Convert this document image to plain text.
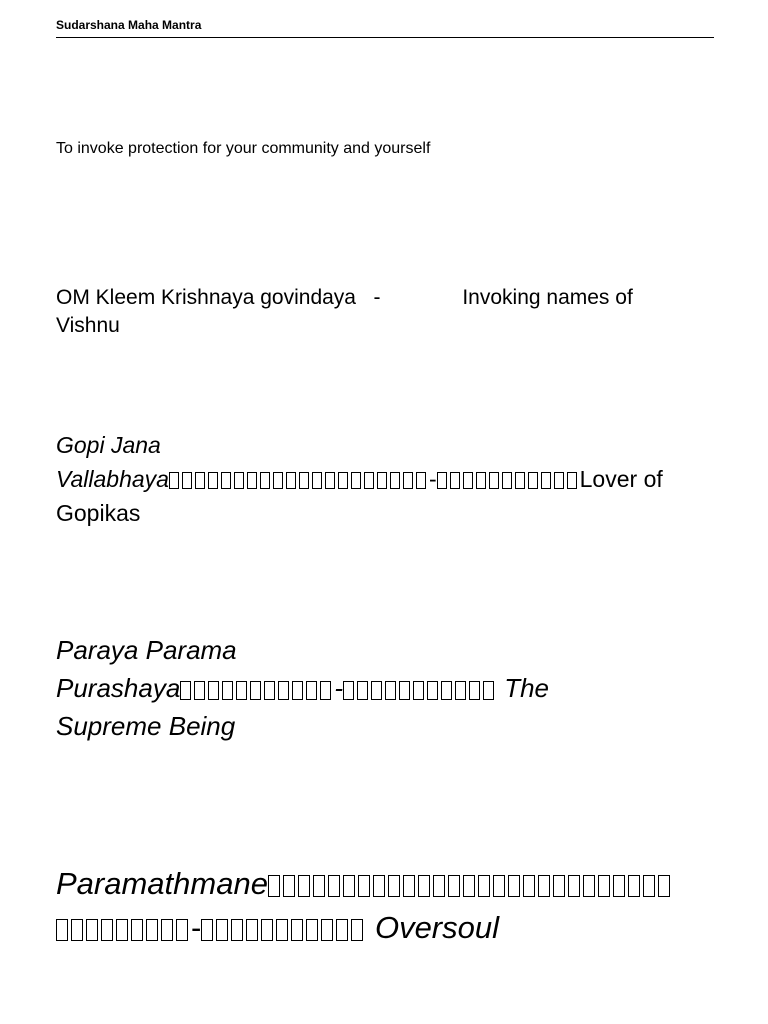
Sudarshana Maha Mantra
To invoke protection for your community and yourself
OM Kleem Krishnaya govindaya -	Invoking names of
Vishnu
Gopi Jana
Vallabhaya	-	Lover of
Gopikas
Paraya Parama
Purashaya	-	The
Supreme Being
Paramathmane
-	Oversoul
